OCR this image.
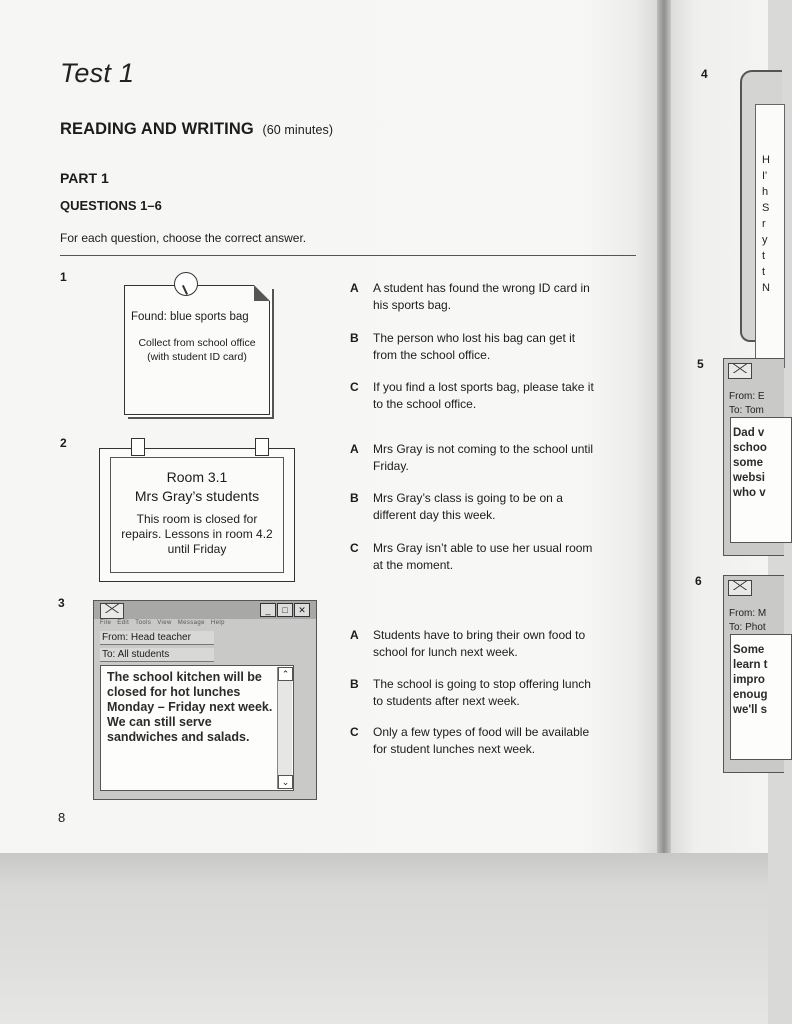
Test 1
READING AND WRITING (60 minutes)
PART 1
QUESTIONS 1–6
For each question, choose the correct answer.
1
Found: blue sports bag
Collect from school office
(with student ID card)
A A student has found the wrong ID card in his sports bag.
B The person who lost his bag can get it from the school office.
C If you find a lost sports bag, please take it to the school office.
2
Room 3.1
Mrs Gray’s students
This room is closed for repairs. Lessons in room 4.2 until Friday
A Mrs Gray is not coming to the school until Friday.
B Mrs Gray’s class is going to be on a different day this week.
C Mrs Gray isn’t able to use her usual room at the moment.
3	_	□	✕
File Edit Tools View Message Help
From: Head teacher
To: All students
The school kitchen will be closed for hot lunches Monday – Friday next week. We can still serve sandwiches and salads.
⌃
⌄
A Students have to bring their own food to school for lunch next week.
B The school is going to stop offering lunch to students after next week.
C Only a few types of food will be available for student lunches next week.
8
4
H
I'
h
S
r
y
t
t
N
5
From: E
To: Tom
Dad v
schoo
some
websi
who v
6
From: M
To: Phot
Some
learn t
impro
enoug
we'll s
